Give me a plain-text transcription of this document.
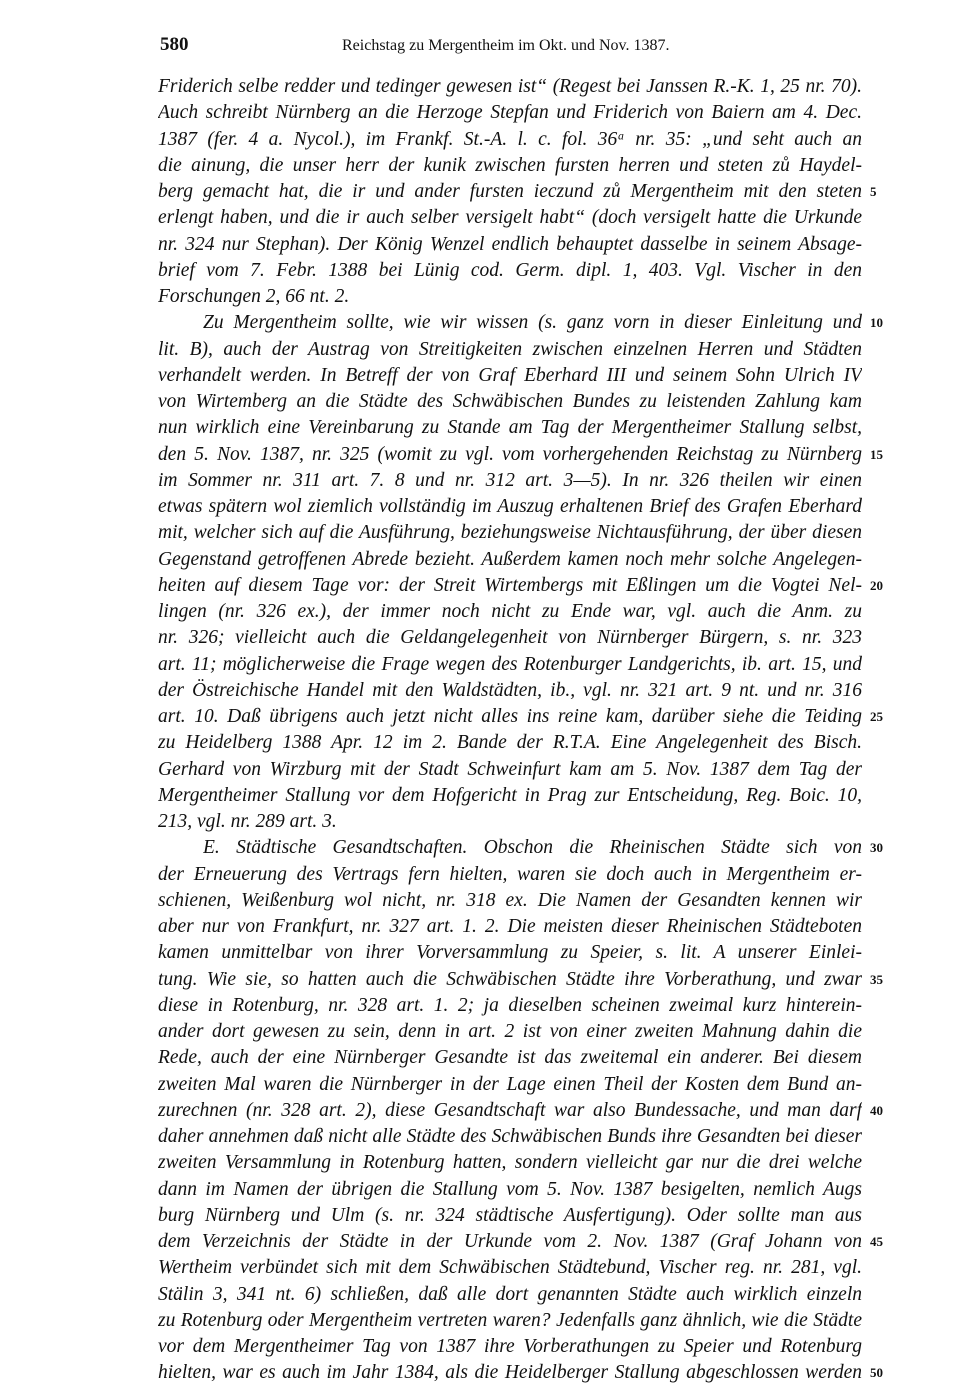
580	Reichstag zu Mergentheim im Okt. und Nov. 1387.
Friderich selbe redder und tedinger gewesen ist“ (Regest bei Janssen R.-K. 1, 25 nr. 70).
Auch schreibt Nürnberg an die Herzoge Stepfan und Friderich von Baiern am 4. Dec.
1387 (fer. 4 a. Nycol.), im Frankf. St.-A. l. c. fol. 36ᵃ nr. 35: „und seht auch an
die ainung, die unser herr der kunik zwischen fursten herren und steten zů Haydel-
berg gemacht hat, die ir und ander fursten ieczund zů Mergentheim mit den steten
erlengt haben, und die ir auch selber versigelt habt“ (doch versigelt hatte die Urkunde
nr. 324 nur Stephan). Der König Wenzel endlich behauptet dasselbe in seinem Absage-
brief vom 7. Febr. 1388 bei Lünig cod. Germ. dipl. 1, 403. Vgl. Vischer in den
Forschungen 2, 66 nt. 2.
Zu Mergentheim sollte, wie wir wissen (s. ganz vorn in dieser Einleitung und
lit. B), auch der Austrag von Streitigkeiten zwischen einzelnen Herren und Städten
verhandelt werden. In Betreff der von Graf Eberhard III und seinem Sohn Ulrich IV
von Wirtemberg an die Städte des Schwäbischen Bundes zu leistenden Zahlung kam
nun wirklich eine Vereinbarung zu Stande am Tag der Mergentheimer Stallung selbst,
den 5. Nov. 1387, nr. 325 (womit zu vgl. vom vorhergehenden Reichstag zu Nürnberg
im Sommer nr. 311 art. 7. 8 und nr. 312 art. 3—5). In nr. 326 theilen wir einen
etwas spätern wol ziemlich vollständig im Auszug erhaltenen Brief des Grafen Eberhard
mit, welcher sich auf die Ausführung, beziehungsweise Nichtausführung, der über diesen
Gegenstand getroffenen Abrede bezieht. Außerdem kamen noch mehr solche Angelegen-
heiten auf diesem Tage vor: der Streit Wirtembergs mit Eßlingen um die Vogtei Nel-
lingen (nr. 326 ex.), der immer noch nicht zu Ende war, vgl. auch die Anm. zu
nr. 326; vielleicht auch die Geldangelegenheit von Nürnberger Bürgern, s. nr. 323
art. 11; möglicherweise die Frage wegen des Rotenburger Landgerichts, ib. art. 15, und
der Östreichische Handel mit den Waldstädten, ib., vgl. nr. 321 art. 9 nt. und nr. 316
art. 10. Daß übrigens auch jetzt nicht alles ins reine kam, darüber siehe die Teiding
zu Heidelberg 1388 Apr. 12 im 2. Bande der R.T.A. Eine Angelegenheit des Bisch.
Gerhard von Wirzburg mit der Stadt Schweinfurt kam am 5. Nov. 1387 dem Tag der
Mergentheimer Stallung vor dem Hofgericht in Prag zur Entscheidung, Reg. Boic. 10,
213, vgl. nr. 289 art. 3.
E. Städtische Gesandtschaften. Obschon die Rheinischen Städte sich von
der Erneuerung des Vertrags fern hielten, waren sie doch auch in Mergentheim er-
schienen, Weißenburg wol nicht, nr. 318 ex. Die Namen der Gesandten kennen wir
aber nur von Frankfurt, nr. 327 art. 1. 2. Die meisten dieser Rheinischen Städteboten
kamen unmittelbar von ihrer Vorversammlung zu Speier, s. lit. A unserer Einlei-
tung. Wie sie, so hatten auch die Schwäbischen Städte ihre Vorberathung, und zwar
diese in Rotenburg, nr. 328 art. 1. 2; ja dieselben scheinen zweimal kurz hinterein-
ander dort gewesen zu sein, denn in art. 2 ist von einer zweiten Mahnung dahin die
Rede, auch der eine Nürnberger Gesandte ist das zweitemal ein anderer. Bei diesem
zweiten Mal waren die Nürnberger in der Lage einen Theil der Kosten dem Bund an-
zurechnen (nr. 328 art. 2), diese Gesandtschaft war also Bundessache, und man darf
daher annehmen daß nicht alle Städte des Schwäbischen Bunds ihre Gesandten bei dieser
zweiten Versammlung in Rotenburg hatten, sondern vielleicht gar nur die drei welche
dann im Namen der übrigen die Stallung vom 5. Nov. 1387 besigelten, nemlich Augs
burg Nürnberg und Ulm (s. nr. 324 städtische Ausfertigung). Oder sollte man aus
dem Verzeichnis der Städte in der Urkunde vom 2. Nov. 1387 (Graf Johann von
Wertheim verbündet sich mit dem Schwäbischen Städtebund, Vischer reg. nr. 281, vgl.
Stälin 3, 341 nt. 6) schließen, daß alle dort genannten Städte auch wirklich einzeln
zu Rotenburg oder Mergentheim vertreten waren? Jedenfalls ganz ähnlich, wie die Städte
vor dem Mergentheimer Tag von 1387 ihre Vorberathungen zu Speier und Rotenburg
hielten, war es auch im Jahr 1384, als die Heidelberger Stallung abgeschlossen werden
5
10
15
20
25
30
35
40
45
50
